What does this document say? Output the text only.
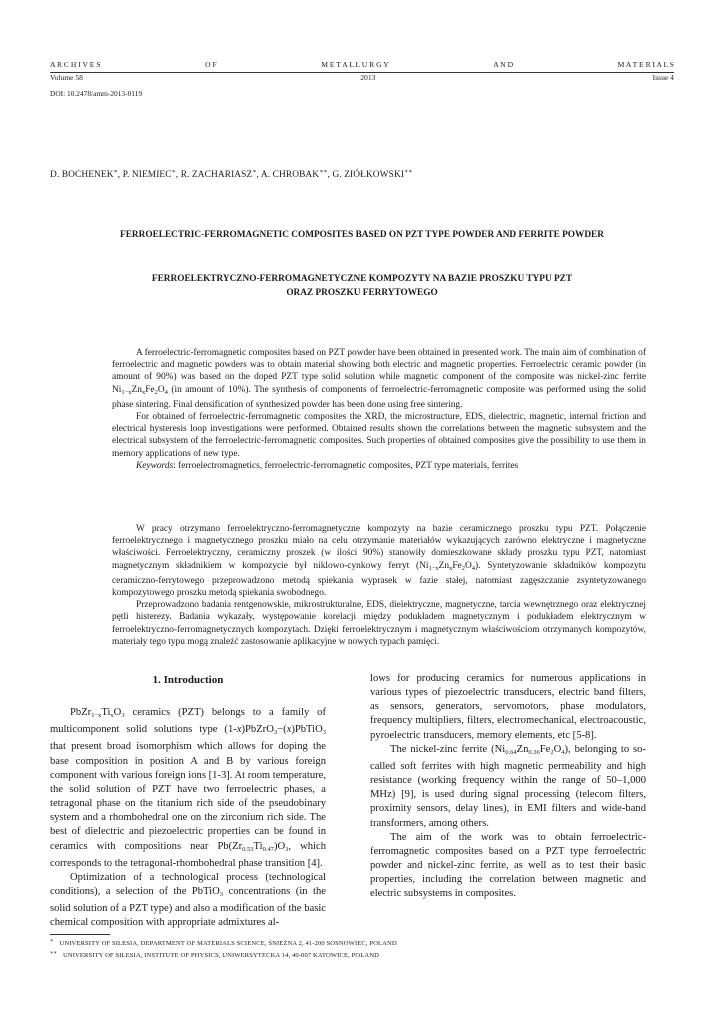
A R C H I V E S	O F	M E T A L L U R G Y	A N D	M A T E R I A L S
Volume 58	2013	Issue 4
DOI: 10.2478/amm-2013-0119
D. BOCHENEK∗, P. NIEMIEC∗, R. ZACHARIASZ∗, A. CHROBAK∗∗, G. ZIÓŁKOWSKI∗∗
FERROELECTRIC-FERROMAGNETIC COMPOSITES BASED ON PZT TYPE POWDER AND FERRITE POWDER
FERROELEKTRYCZNO-FERROMAGNETYCZNE KOMPOZYTY NA BAZIE PROSZKU TYPU PZT
ORAZ PROSZKU FERRYTOWEGO

A ferroelectric-ferromagnetic composites based on PZT powder have been obtained in presented work. The main aim of combination of ferroelectric and magnetic powders was to obtain material showing both electric and magnetic properties. Ferroelectric ceramic powder (in amount of 90%) was based on the doped PZT type solid solution while magnetic component of the composite was nickel-zinc ferrite $Ni_{1-x}Zn_xFe_2O_4$ (in amount of 10%). The synthesis of components of ferroelectric-ferromagnetic composite was performed using the solid phase sintering. Final densification of synthesized powder has been done using free sintering.

For obtained of ferroelectric-ferromagnetic composites the XRD, the microstructure, EDS, dielectric, magnetic, internal friction and electrical hysteresis loop investigations were performed. Obtained results shown the correlations between the magnetic subsystem and the electrical subsystem of the ferroelectric-ferromagnetic composites. Such properties of obtained composites give the possibility to use them in memory applications of new type.

Keywords: ferroelectromagnetics, ferroelectric-ferromagnetic composites, PZT type materials, ferrites

W pracy otrzymano ferroelektryczno-ferromagnetyczne kompozyty na bazie ceramicznego proszku typu PZT. Połączenie ferroelektrycznego i magnetycznego proszku miało na celu otrzymanie materiałów wykazujących zarówno elektryczne i magnetyczne właściwości. Ferroelektryczny, ceramiczny proszek (w ilości 90%) stanowiły domieszkowane składy proszku typu PZT, natomiast magnetycznym składnikiem w kompozycie był niklowo-cynkowy ferryt $(Ni_{1-x}Zn_xFe_2O_4)$. Syntetyzowanie składników kompozytu ceramiczno-ferrytowego przeprowadzono metodą spiekania wyprasek w fazie stałej, natomiast zagęszczanie zsyntetyzowanego kompozytowego proszku metodą spiekania swobodnego.

Przeprowadzono badania rentgenowskie, mikrostrukturalne, EDS, dielektryczne, magnetyczne, tarcia wewnętrznego oraz elektrycznej pętli histerezy. Badania wykazały, występowanie korelacji między podukładem magnetycznym i podukładem elektrycznym w ferroelektryczno-ferromagnetycznych kompozytach. Dzięki ferroelektrycznym i magnetycznym właściwościom otrzymanych kompozytów, materiały tego typu mogą znaleźć zastosowanie aplikacyjne w nowych typach pamięci.

1. Introduction

$PbZr_{1-x}Ti_xO_3$ ceramics (PZT) belongs to a family of multicomponent solid solutions type (1-x)PbZrO$_3$−(x)PbTiO$_3$ that present broad isomorphism which allows for doping the base composition in position A and B by various foreign component with various foreign ions [1-3]. At room temperature, the solid solution of PZT have two ferroelectric phases, a tetragonal phase on the titanium rich side of the pseudobinary system and a rhombohedral one on the zirconium rich side. The best of dielectric and piezoelectric properties can be found in ceramics with compositions near $Pb(Zr_{0.53}Ti_{0.47})O_3$, which corresponds to the tetragonal-rhombohedral phase transition [4].

Optimization of a technological process (technological conditions), a selection of the PbTiO$_3$ concentrations (in the solid solution of a PZT type) and also a modification of the basic chemical composition with appropriate admixtures al-

lows for producing ceramics for numerous applications in various types of piezoelectric transducers, electric band filters, as sensors, generators, servomotors, phase modulators, frequency multipliers, filters, electromechanical, electroacoustic, pyroelectric transducers, memory elements, etc [5-8].

The nickel-zinc ferrite $(Ni_{0.64}Zn_{0.36}Fe_2O_4)$, belonging to so-called soft ferrites with high magnetic permeability and high resistance (working frequency within the range of 50–1,000 MHz) [9], is used during signal processing (telecom filters, proximity sensors, delay lines), in EMI filters and wide-band transformers, among others.

The aim of the work was to obtain ferroelectric-ferromagnetic composites based on a PZT type ferroelectric powder and nickel-zinc ferrite, as well as to test their basic properties, including the correlation between magnetic and electric subsystems in composites.

∗ UNIVERSITY OF SILESIA, DEPARTMENT OF MATERIALS SCIENCE, ŚNIEŻNA 2, 41-200 SOSNOWIEC, POLAND
∗∗ UNIVERSITY OF SILESIA, INSTITUTE OF PHYSICS, UNIWERSYTECKA 14, 40-007 KATOWICE, POLAND
